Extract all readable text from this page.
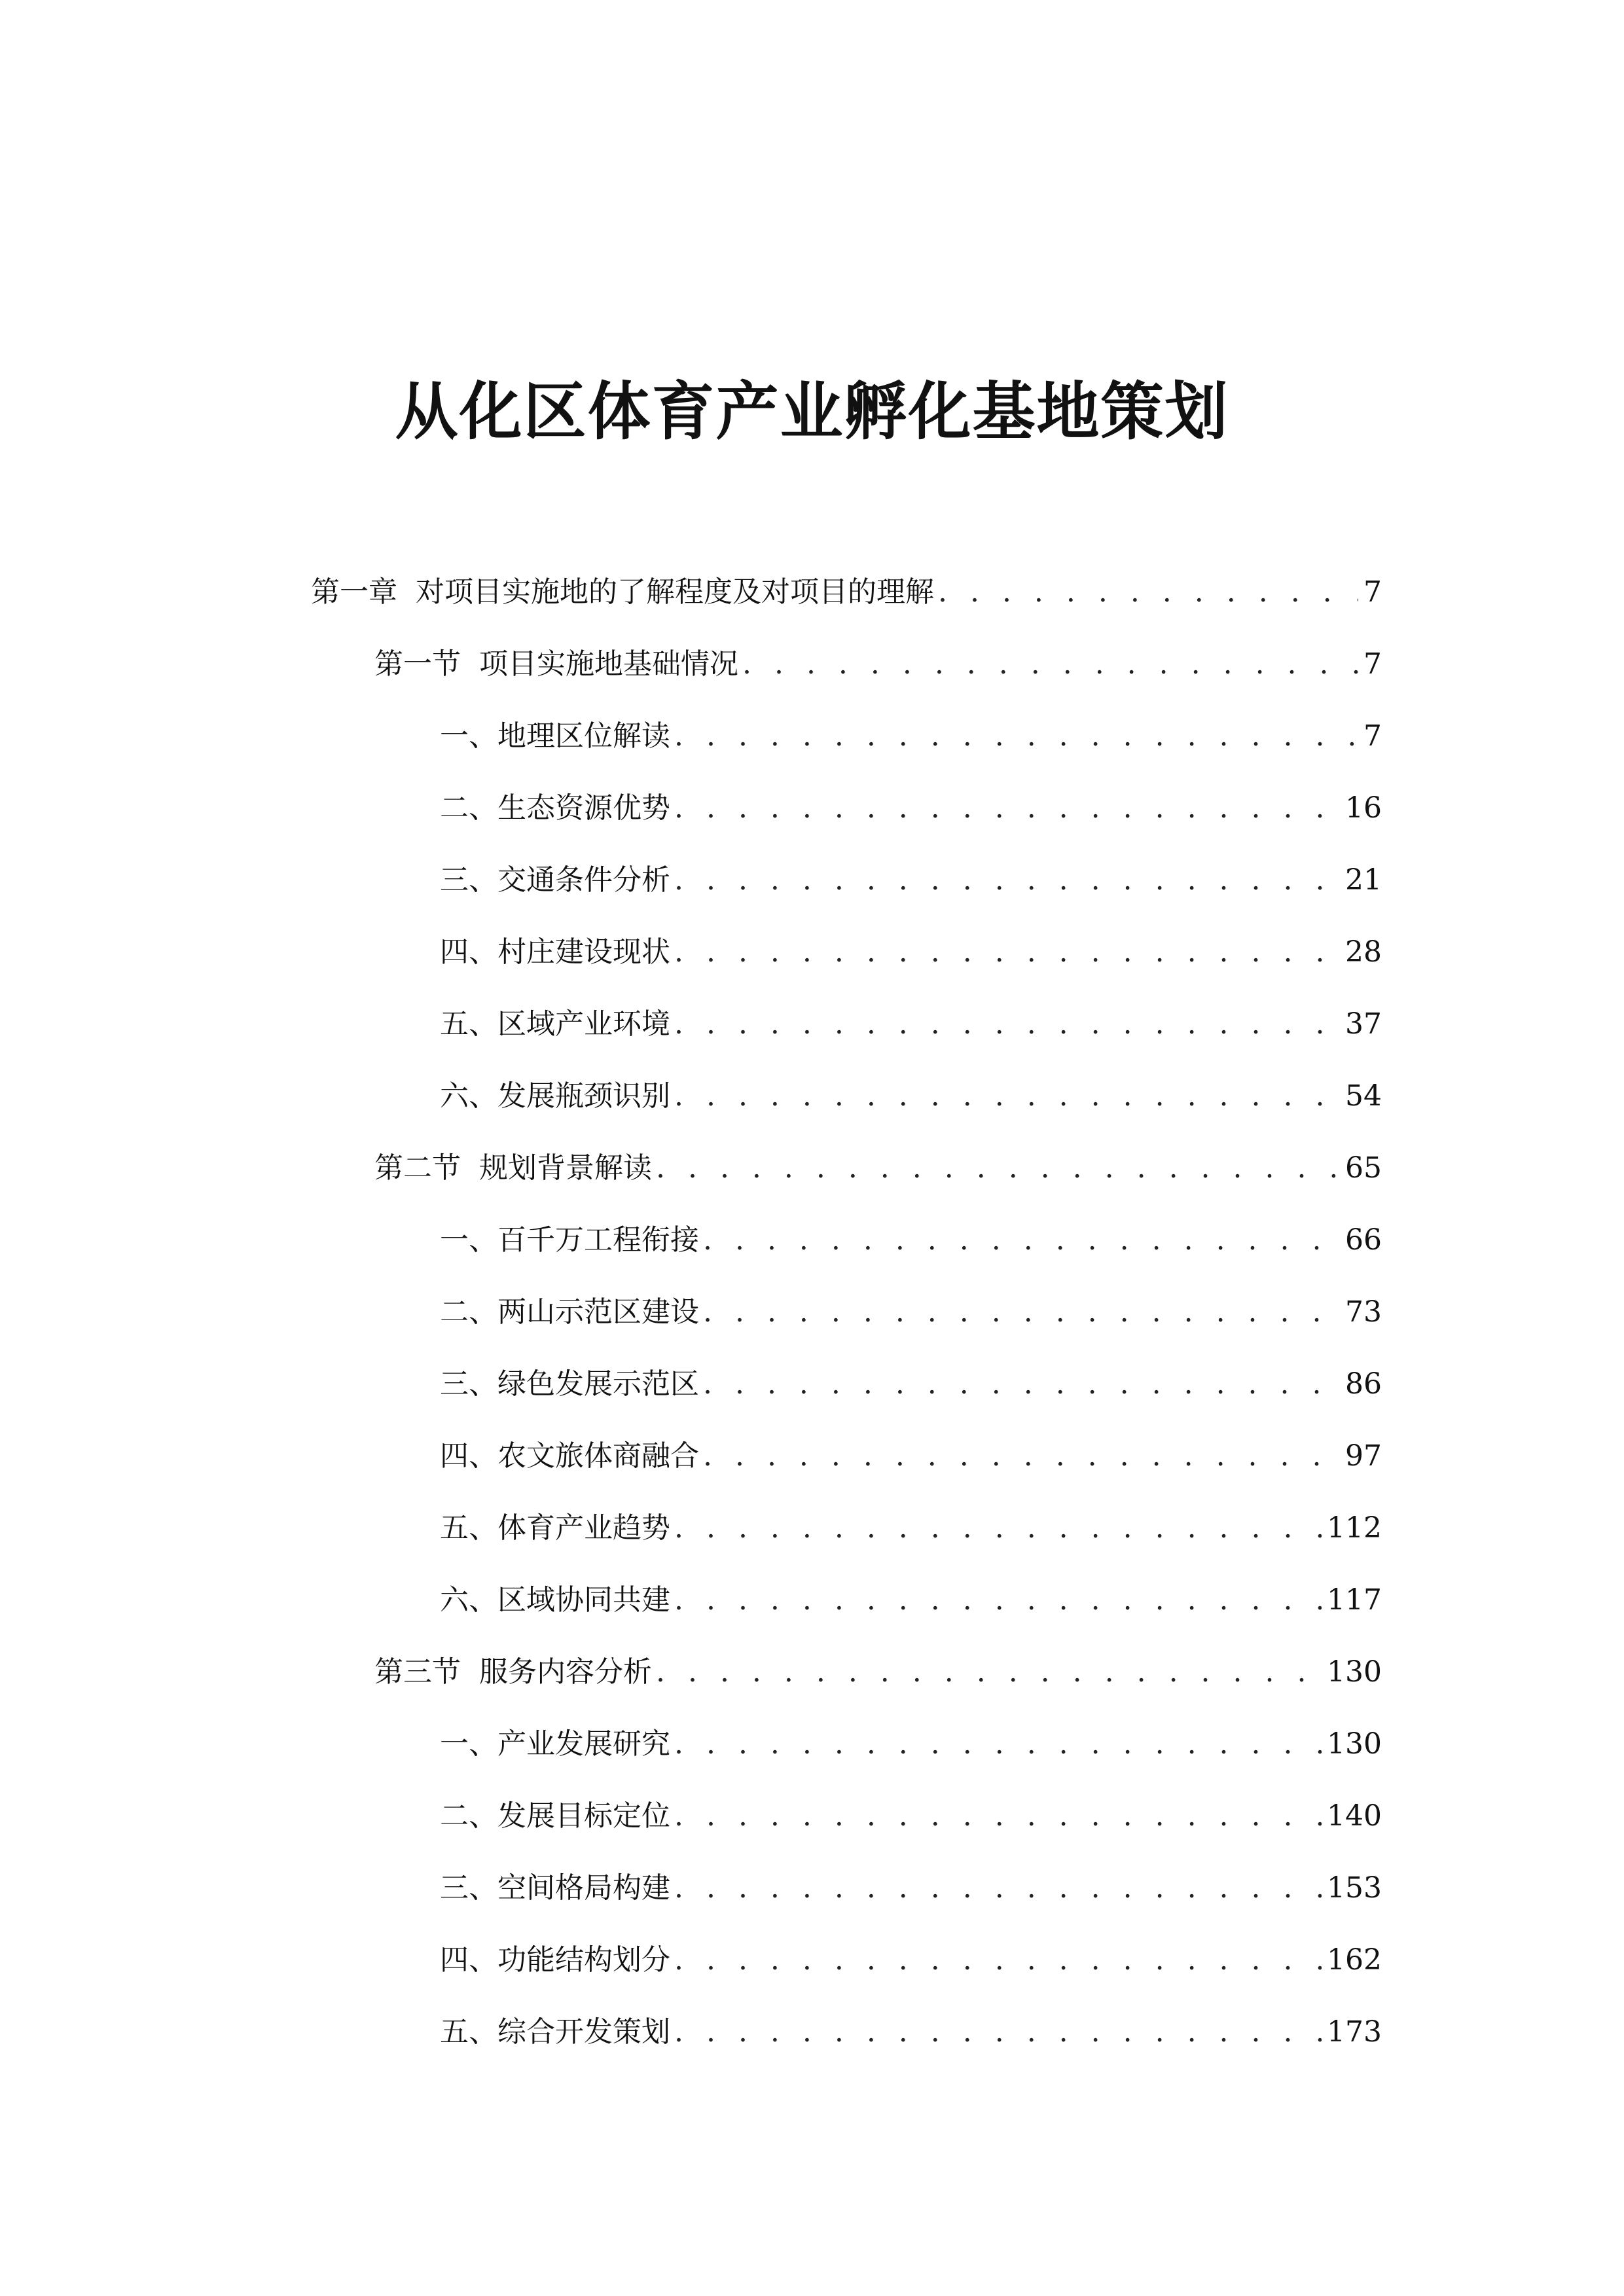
从化区体育产业孵化基地策划
第一章 对项目实施地的了解程度及对项目的理解 . . .	7
第一节 项目实施地基础情况 . . .	7
一、 地理区位解读 . . .	7
二、 生态资源优势 . . .	16
三、 交通条件分析 . . .	21
四、 村庄建设现状 . . .	28
五、 区域产业环境 . . .	37
六、 发展瓶颈识别 . . .	54
第二节 规划背景解读 . . .	65
一、 百千万工程衔接 . . .	66
二、 两山示范区建设 . . .	73
三、 绿色发展示范区 . . .	86
四、 农文旅体商融合 . . .	97
五、 体育产业趋势 . . .	112
六、 区域协同共建 . . .	117
第三节 服务内容分析 . . .	130
一、 产业发展研究 . . .	130
二、 发展目标定位 . . .	140
三、 空间格局构建 . . .	153
四、 功能结构划分 . . .	162
五、 综合开发策划 . . .	173
